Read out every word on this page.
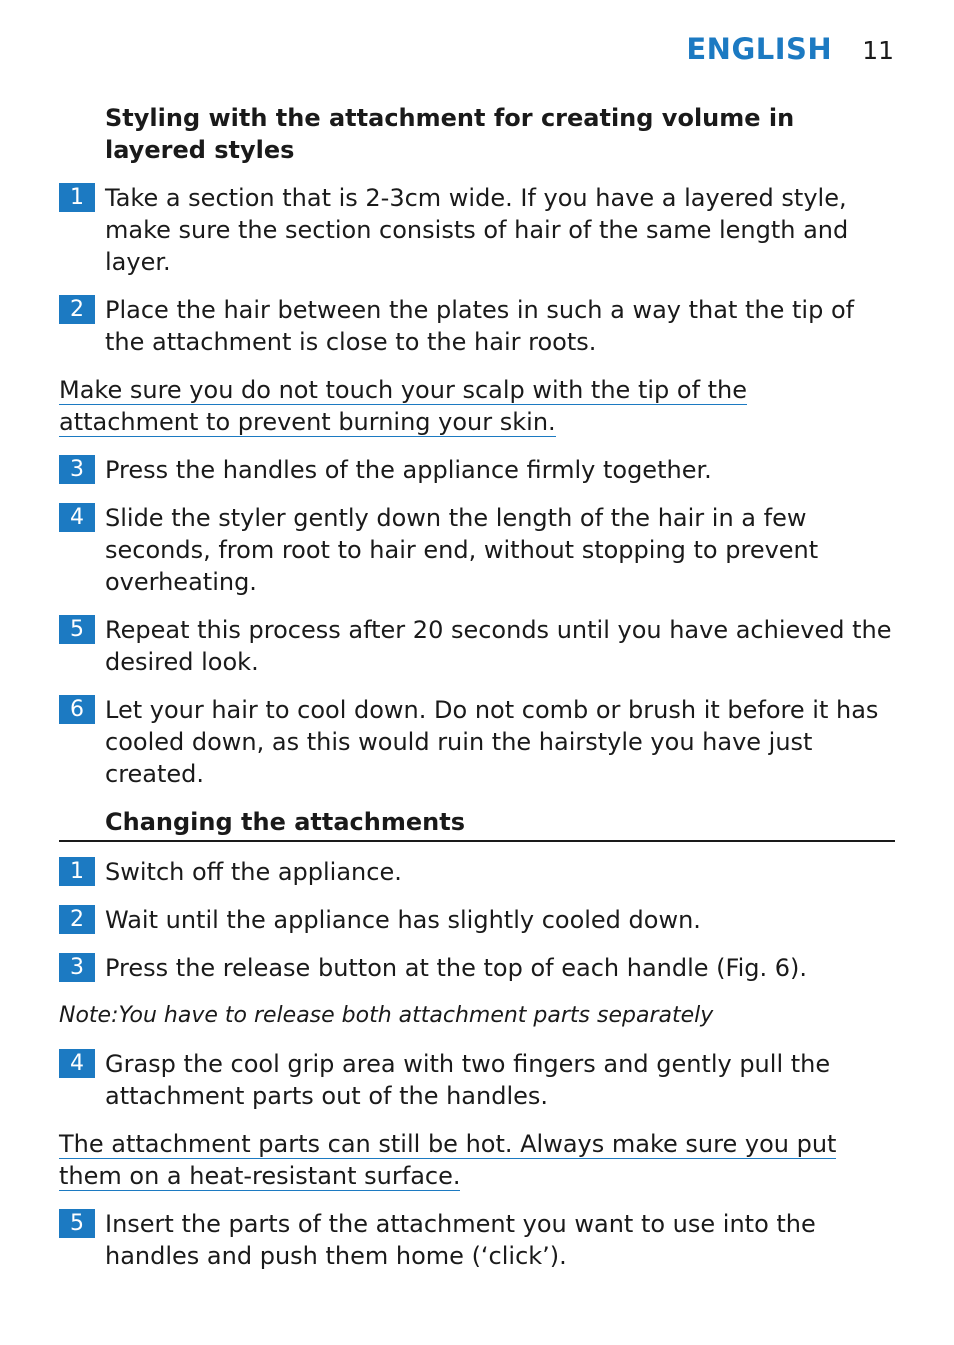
ENGLISH 11
Styling with the attachment for creating volume in layered styles
1 Take a section that is 2-3cm wide. If you have a layered style, make sure the section consists of hair of the same length and layer.
2 Place the hair between the plates in such a way that the tip of the attachment is close to the hair roots.
Make sure you do not touch your scalp with the tip of the attachment to prevent burning your skin.
3 Press the handles of the appliance firmly together.
4 Slide the styler gently down the length of the hair in a few seconds, from root to hair end, without stopping to prevent overheating.
5 Repeat this process after 20 seconds until you have achieved the desired look.
6 Let your hair to cool down. Do not comb or brush it before it has cooled down, as this would ruin the hairstyle you have just created.
Changing the attachments
1 Switch off the appliance.
2 Wait until the appliance has slightly cooled down.
3 Press the release button at the top of each handle (Fig. 6).
Note:You have to release both attachment parts separately
4 Grasp the cool grip area with two fingers and gently pull the attachment parts out of the handles.
The attachment parts can still be hot. Always make sure you put them on a heat-resistant surface.
5 Insert the parts of the attachment you want to use into the handles and push them home (‘click’).
